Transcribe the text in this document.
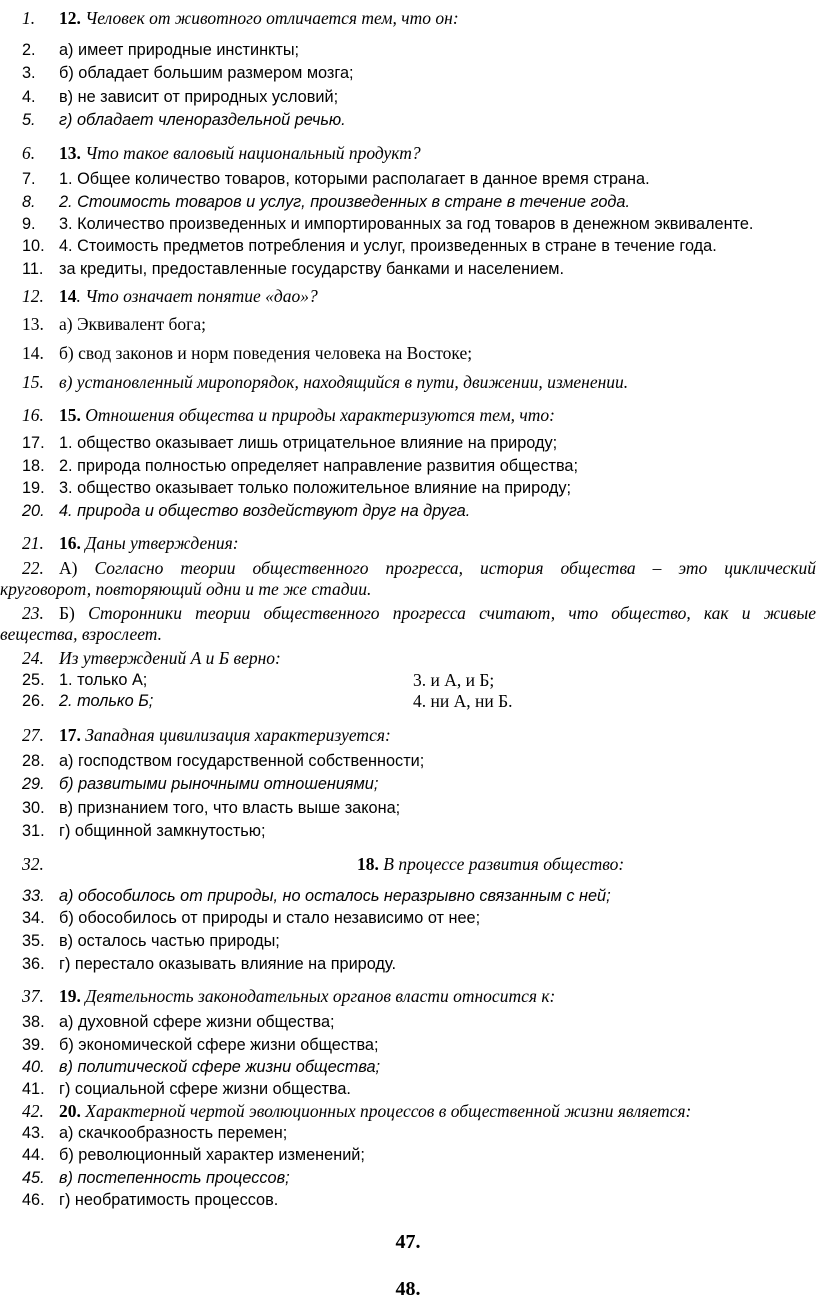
1.	12. Человек от животного отличается тем, что он:
2.	а) имеет природные инстинкты;
3.	б) обладает большим размером мозга;
4.	в) не зависит от природных условий;
5.	г) обладает членораздельной речью.
6.	13. Что такое валовый национальный продукт?
7.	1. Общее количество товаров, которыми располагает в данное время страна.
8.	2. Стоимость товаров и услуг, произведенных в стране в течение года.
9.	3. Количество произведенных и импортированных за год товаров в денежном эквиваленте.
10. 4. Стоимость предметов потребления и услуг, произведенных в стране в течение года.
11. за кредиты, предоставленные государству банками и населением.
12. 14. Что означает понятие «дао»?
13. а) Эквивалент бога;
14. б) свод законов и норм поведения человека на Востоке;
15. в) установленный миропорядок, находящийся в пути, движении, изменении.
16. 15. Отношения общества и природы характеризуются тем, что:
17. 1. общество оказывает лишь отрицательное влияние на природу;
18. 2. природа полностью определяет направление развития общества;
19. 3. общество оказывает только положительное влияние на природу;
20. 4. природа и общество воздействуют друг на друга.
21. 16. Даны утверждения:
22. А) Согласно теории общественного прогресса, история общества – это циклический
круговорот, повторяющий одни и те же стадии.
23. Б) Сторонники теории общественного прогресса считают, что общество, как и живые
вещества, взрослеет.
24. Из утверждений А и Б верно:
25. 1. только А;	3. и А, и Б;
26. 2. только Б;	4. ни А, ни Б.
27. 17. Западная цивилизация характеризуется:
28. а) господством государственной собственности;
29. б) развитыми рыночными отношениями;
30. в) признанием того, что власть выше закона;
31. г) общинной замкнутостью;
32.	18. В процессе развития общество:
33. а) обособилось от природы, но осталось неразрывно связанным с ней;
34. б) обособилось от природы и стало независимо от нее;
35. в) осталось частью природы;
36. г) перестало оказывать влияние на природу.
37. 19. Деятельность законодательных органов власти относится к:
38. а) духовной сфере жизни общества;
39. б) экономической сфере жизни общества;
40. в) политической сфере жизни общества;
41. г) социальной сфере жизни общества.
42. 20. Характерной чертой эволюционных процессов в общественной жизни является:
43. а) скачкообразность перемен;
44. б) революционный характер изменений;
45. в) постепенность процессов;
46. г) необратимость процессов.
47.
48.
